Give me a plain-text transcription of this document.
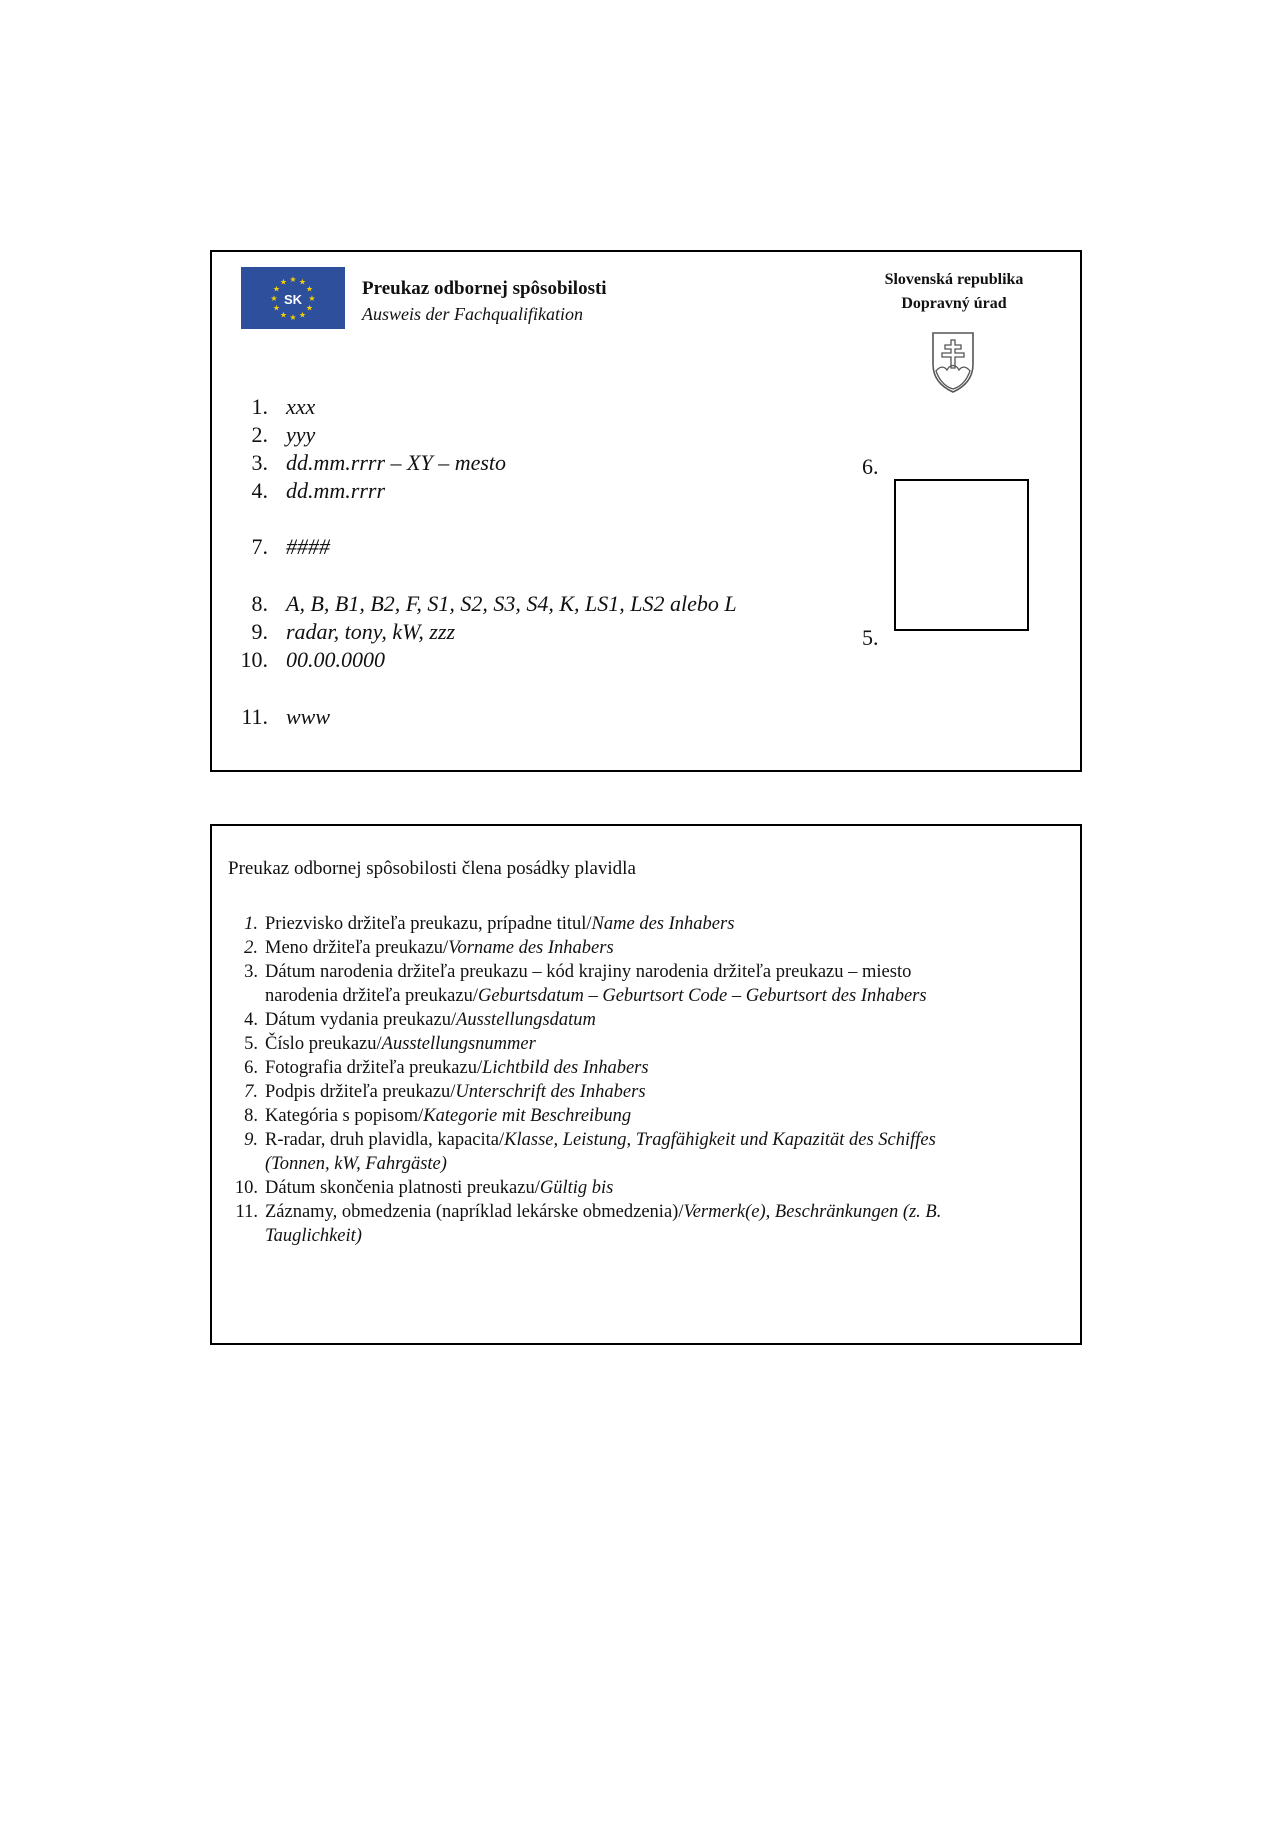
★ ★
★
★
★
★
★
★
★
★
★
★
SK
Preukaz odbornej spôsobilosti
Ausweis der Fachqualifikation
Slovenská republika
Dopravný úrad
1. xxx
2. yyy
3. dd.mm.rrrr – XY – mesto
4. dd.mm.rrrr
7. ####
8. A, B, B1, B2, F, S1, S2, S3, S4, K, LS1, LS2 alebo L
9. radar, tony, kW, zzz
10. 00.00.0000
11. www
6.
5.
Preukaz odbornej spôsobilosti člena posádky plavidla
1. Priezvisko držiteľa preukazu, prípadne titul/Name des Inhabers
2. Meno držiteľa preukazu/Vorname des Inhabers
3. Dátum narodenia držiteľa preukazu – kód krajiny narodenia držiteľa preukazu – miesto
narodenia držiteľa preukazu/Geburtsdatum – Geburtsort Code – Geburtsort des Inhabers
4. Dátum vydania preukazu/Ausstellungsdatum
5. Číslo preukazu/Ausstellungsnummer
6. Fotografia držiteľa preukazu/Lichtbild des Inhabers
7. Podpis držiteľa preukazu/Unterschrift des Inhabers
8. Kategória s popisom/Kategorie mit Beschreibung
9. R-radar, druh plavidla, kapacita/Klasse, Leistung, Tragfähigkeit und Kapazität des Schiffes
(Tonnen, kW, Fahrgäste)
10. Dátum skončenia platnosti preukazu/Gültig bis
11. Záznamy, obmedzenia (napríklad lekárske obmedzenia)/Vermerk(e), Beschränkungen (z. B.
Tauglichkeit)
